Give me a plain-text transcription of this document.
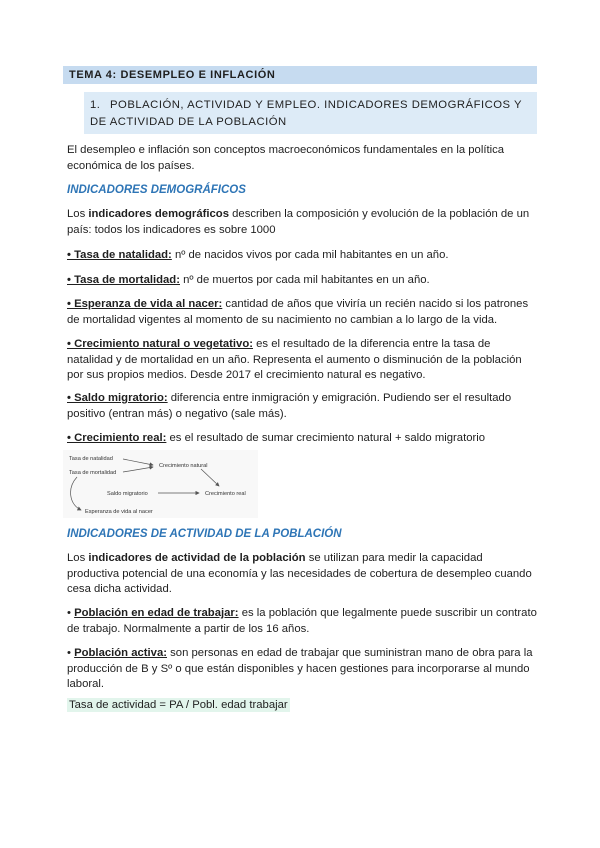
TEMA 4: DESEMPLEO E INFLACIÓN
1. POBLACIÓN, ACTIVIDAD Y EMPLEO. INDICADORES DEMOGRÁFICOS Y
DE ACTIVIDAD DE LA POBLACIÓN

El desempleo e inflación son conceptos macroeconómicos fundamentales en la política económica de los países.

INDICADORES DEMOGRÁFICOS

Los indicadores demográficos describen la composición y evolución de la población de un país: todos los indicadores es sobre 1000

• Tasa de natalidad: nº de nacidos vivos por cada mil habitantes en un año.

• Tasa de mortalidad: nº de muertos por cada mil habitantes en un año.

• Esperanza de vida al nacer: cantidad de años que viviría un recién nacido si los patrones de mortalidad vigentes al momento de su nacimiento no cambian a lo largo de la vida.

• Crecimiento natural o vegetativo: es el resultado de la diferencia entre la tasa de natalidad y de mortalidad en un año. Representa el aumento o disminución de la población por sus propios medios. Desde 2017 el crecimiento natural es negativo.

• Saldo migratorio: diferencia entre inmigración y emigración. Pudiendo ser el resultado positivo (entran más) o negativo (sale más).

• Crecimiento real: es el resultado de sumar crecimiento natural + saldo migratorio

Tasa de natalidad
Tasa de mortalidad
Crecimiento natural
Saldo migratorio	Crecimiento real
Esperanza de vida al nacer

INDICADORES DE ACTIVIDAD DE LA POBLACIÓN

Los indicadores de actividad de la población se utilizan para medir la capacidad productiva potencial de una economía y las necesidades de cobertura de desempleo cuando cesa dicha actividad.

• Población en edad de trabajar: es la población que legalmente puede suscribir un contrato de trabajo. Normalmente a partir de los 16 años.

• Población activa: son personas en edad de trabajar que suministran mano de obra para la producción de B y Sº o que están disponibles y hacen gestiones para incorporarse al mundo laboral.

Tasa de actividad = PA / Pobl. edad trabajar
